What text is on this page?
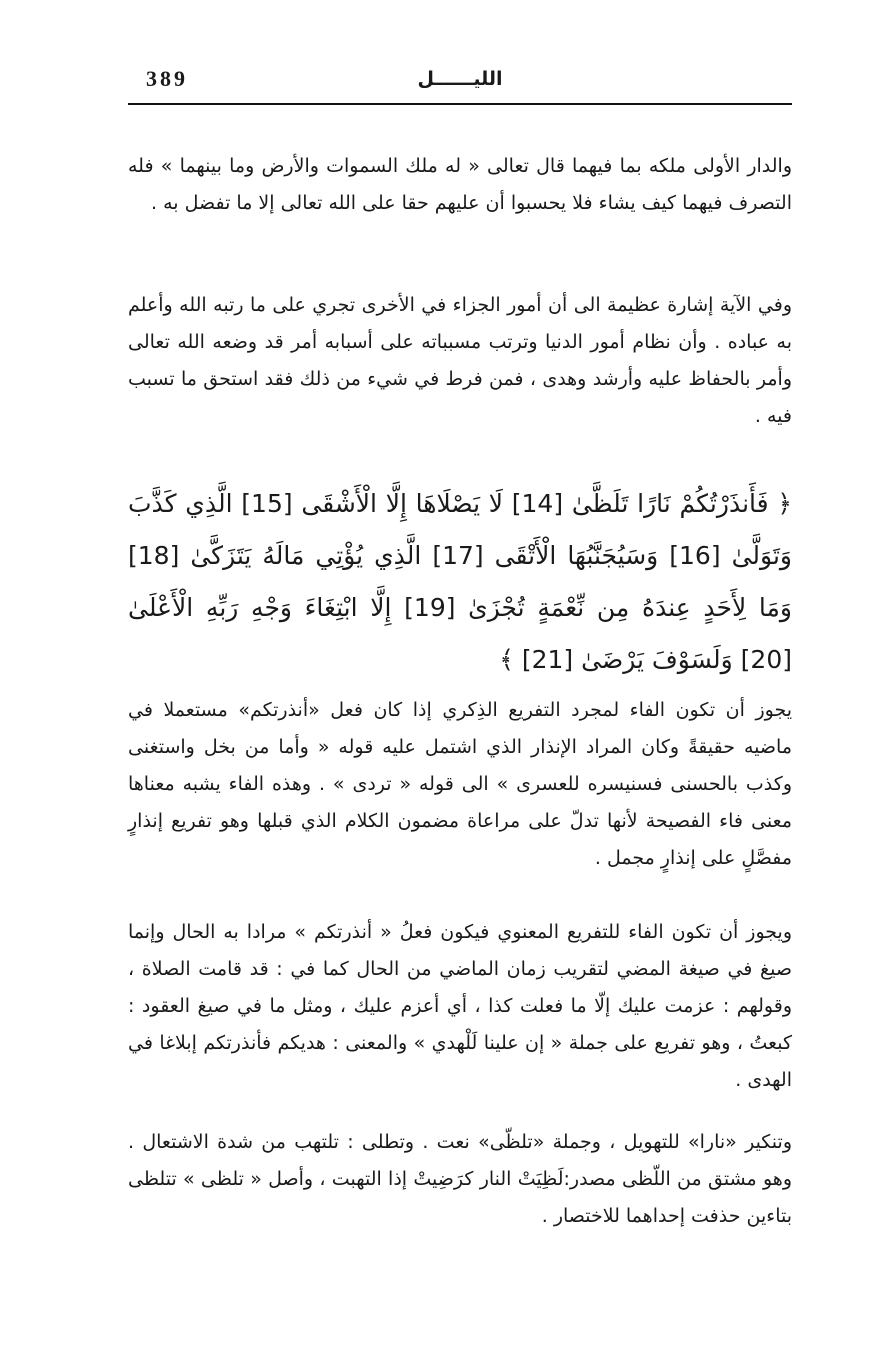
389	الليــــــل

والدار الأولى ملكه بما فيهما قال تعالى « له ملك السموات والأرض وما بينهما » فله التصرف فيهما كيف يشاء فلا يحسبوا أن عليهم حقا على الله تعالى إلا ما تفضل به .

وفي الآية إشارة عظيمة الى أن أمور الجزاء في الأخرى تجري على ما رتبه الله وأعلم به عباده . وأن نظام أمور الدنيا وترتب مسبباته على أسبابه أمر قد وضعه الله تعالى وأمر بالحفاظ عليه وأرشد وهدى ، فمن فرط في شيء من ذلك فقد استحق ما تسبب فيه .

﴿ فَأَنذَرْتُكُمْ نَارًا تَلَظَّىٰ [14] لَا يَصْلَاهَا إِلَّا الْأَشْقَى [15] الَّذِي كَذَّبَ وَتَوَلَّىٰ [16] وَسَيُجَنَّبُهَا الْأَتْقَى [17] الَّذِي يُؤْتِي مَالَهُ يَتَزَكَّىٰ [18] وَمَا لِأَحَدٍ عِندَهُ مِن نِّعْمَةٍ تُجْزَىٰ [19] إِلَّا ابْتِغَاءَ وَجْهِ رَبِّهِ الْأَعْلَىٰ [20] وَلَسَوْفَ يَرْضَىٰ [21] ﴾

يجوز أن تكون الفاء لمجرد التفريع الذِكري إذا كان فعل «أنذرتكم» مستعملا في ماضيه حقيقةً وكان المراد الإنذار الذي اشتمل عليه قوله « وأما من بخل واستغنى وكذب بالحسنى فسنيسره للعسرى » الى قوله « تردى » . وهذه الفاء يشبه معناها معنى فاء الفصيحة لأنها تدلّ على مراعاة مضمون الكلام الذي قبلها وهو تفريع إنذارٍ مفصَّلٍ على إنذارٍ مجمل .

ويجوز أن تكون الفاء للتفريع المعنوي فيكون فعلُ « أنذرتكم » مرادا به الحال وإنما صيغ في صيغة المضي لتقريب زمان الماضي من الحال كما في : قد قامت الصلاة ، وقولهم : عزمت عليك إلّا ما فعلت كذا ، أي أعزم عليك ، ومثل ما في صيغ العقود : كبعتُ ، وهو تفريع على جملة « إن علينا لَلْهدي » والمعنى : هديكم فأنذرتكم إبلاغا في الهدى .

وتنكير «نارا» للتهويل ، وجملة «تلظّى» نعت . وتطلى : تلتهب من شدة الاشتعال . وهو مشتق من اللّظى مصدر:لَظِيَتْ النار كرَضِيتْ إذا التهبت ، وأصل « تلظى » تتلظى بتاءين حذفت إحداهما للاختصار .
